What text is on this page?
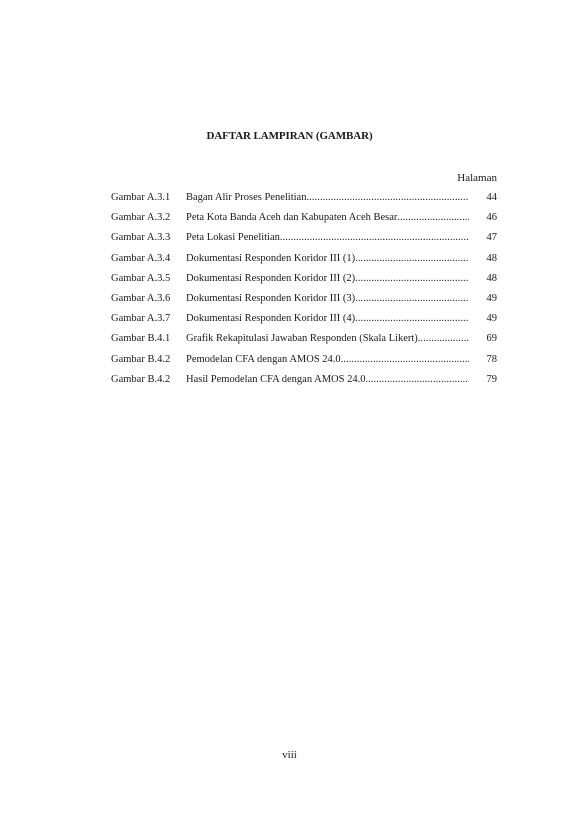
DAFTAR LAMPIRAN (GAMBAR)
Halaman
Gambar A.3.1	Bagan Alir Proses Penelitian .....	44
Gambar A.3.2	Peta Kota Banda Aceh dan Kabupaten Aceh Besar .....	46
Gambar A.3.3	Peta Lokasi Penelitian .....	47
Gambar A.3.4	Dokumentasi Responden Koridor III (1) .....	48
Gambar A.3.5	Dokumentasi Responden Koridor III (2) .....	48
Gambar A.3.6	Dokumentasi Responden Koridor III (3) .....	49
Gambar A.3.7	Dokumentasi Responden Koridor III (4) .....	49
Gambar B.4.1	Grafik Rekapitulasi Jawaban Responden (Skala Likert) .....	69
Gambar B.4.2	Pemodelan CFA dengan AMOS 24.0 .....	78
Gambar B.4.2	Hasil Pemodelan CFA dengan AMOS 24.0 .....	79
viii
